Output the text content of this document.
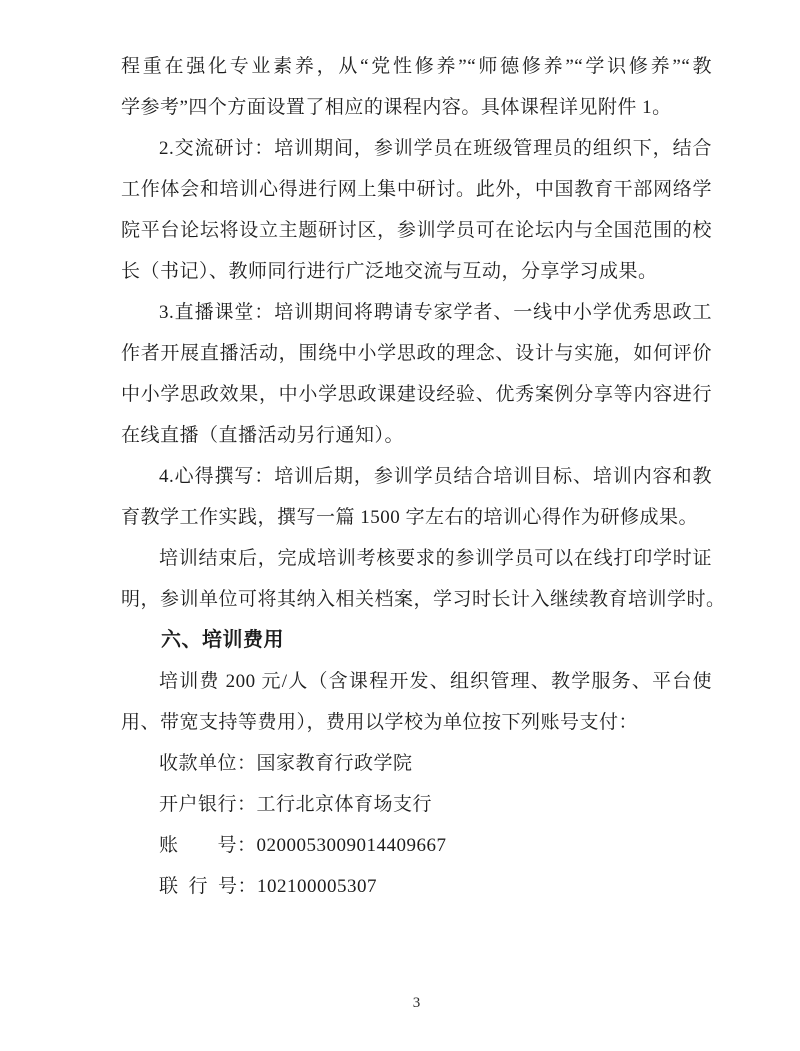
程重在强化专业素养，从“党性修养”“师德修养”“学识修养”“教
学参考”四个方面设置了相应的课程内容。具体课程详见附件 1。
2.交流研讨：培训期间，参训学员在班级管理员的组织下，结合
工作体会和培训心得进行网上集中研讨。此外，中国教育干部网络学
院平台论坛将设立主题研讨区，参训学员可在论坛内与全国范围的校
长（书记）、教师同行进行广泛地交流与互动，分享学习成果。
3.直播课堂：培训期间将聘请专家学者、一线中小学优秀思政工
作者开展直播活动，围绕中小学思政的理念、设计与实施，如何评价
中小学思政效果，中小学思政课建设经验、优秀案例分享等内容进行
在线直播（直播活动另行通知）。
4.心得撰写：培训后期，参训学员结合培训目标、培训内容和教
育教学工作实践，撰写一篇 1500 字左右的培训心得作为研修成果。
培训结束后，完成培训考核要求的参训学员可以在线打印学时证
明，参训单位可将其纳入相关档案，学习时长计入继续教育培训学时。
六、培训费用
培训费 200 元/人（含课程开发、组织管理、教学服务、平台使
用、带宽支持等费用），费用以学校为单位按下列账号支付：
收款单位：国家教育行政学院
开户银行：工行北京体育场支行
账　　号：0200053009014409667
联 行 号：102100005307
3
